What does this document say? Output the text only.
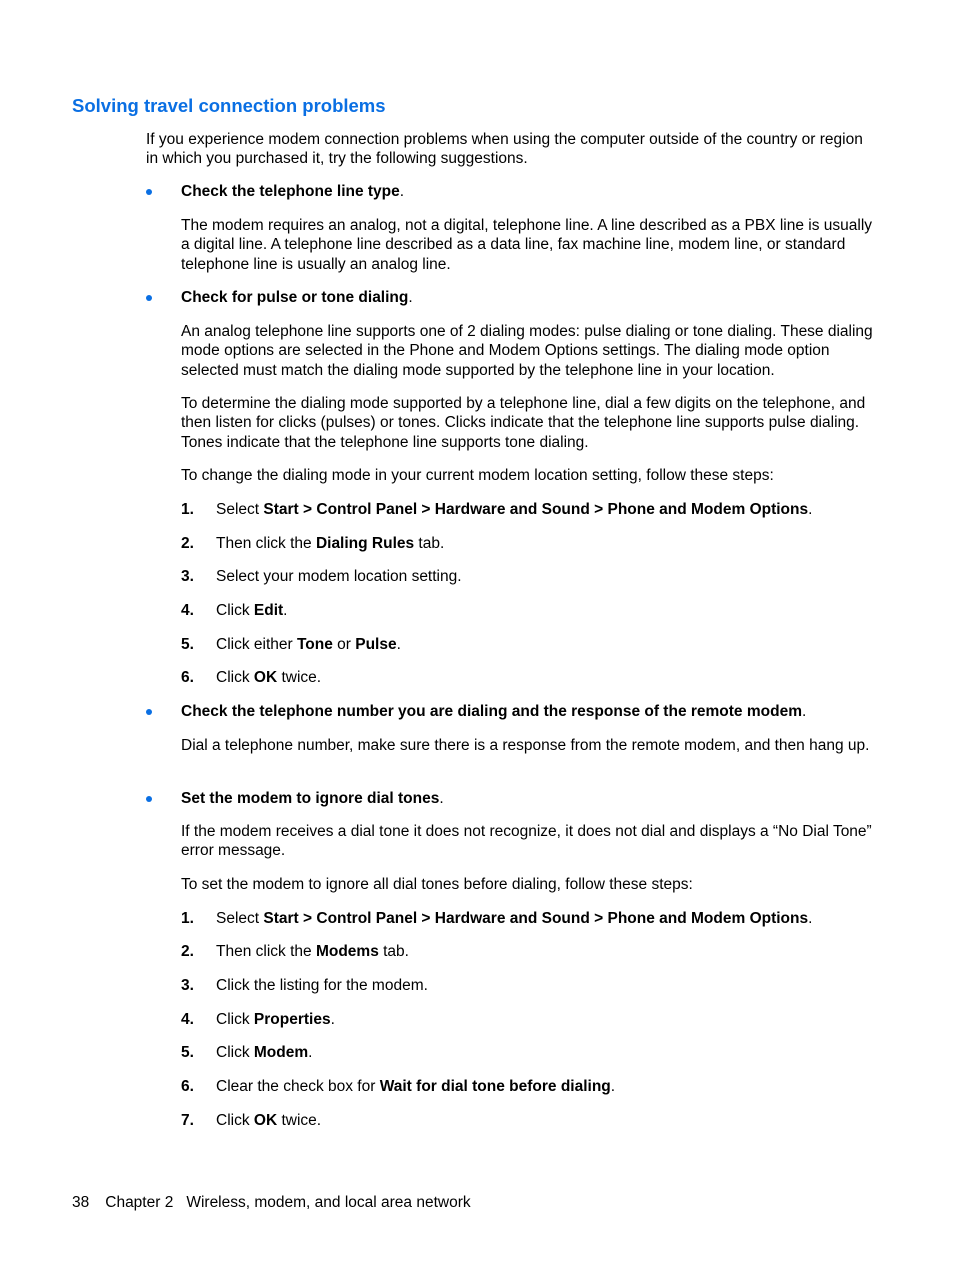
Solving travel connection problems
If you experience modem connection problems when using the computer outside of the country or region in which you purchased it, try the following suggestions.
Check the telephone line type.
The modem requires an analog, not a digital, telephone line. A line described as a PBX line is usually a digital line. A telephone line described as a data line, fax machine line, modem line, or standard telephone line is usually an analog line.
Check for pulse or tone dialing.
An analog telephone line supports one of 2 dialing modes: pulse dialing or tone dialing. These dialing mode options are selected in the Phone and Modem Options settings. The dialing mode option selected must match the dialing mode supported by the telephone line in your location.
To determine the dialing mode supported by a telephone line, dial a few digits on the telephone, and then listen for clicks (pulses) or tones. Clicks indicate that the telephone line supports pulse dialing. Tones indicate that the telephone line supports tone dialing.
To change the dialing mode in your current modem location setting, follow these steps:
1. Select Start > Control Panel > Hardware and Sound > Phone and Modem Options.
2. Then click the Dialing Rules tab.
3. Select your modem location setting.
4. Click Edit.
5. Click either Tone or Pulse.
6. Click OK twice.
Check the telephone number you are dialing and the response of the remote modem.
Dial a telephone number, make sure there is a response from the remote modem, and then hang up.
Set the modem to ignore dial tones.
If the modem receives a dial tone it does not recognize, it does not dial and displays a “No Dial Tone” error message.
To set the modem to ignore all dial tones before dialing, follow these steps:
1. Select Start > Control Panel > Hardware and Sound > Phone and Modem Options.
2. Then click the Modems tab.
3. Click the listing for the modem.
4. Click Properties.
5. Click Modem.
6. Clear the check box for Wait for dial tone before dialing.
7. Click OK twice.
38 Chapter 2 Wireless, modem, and local area network
